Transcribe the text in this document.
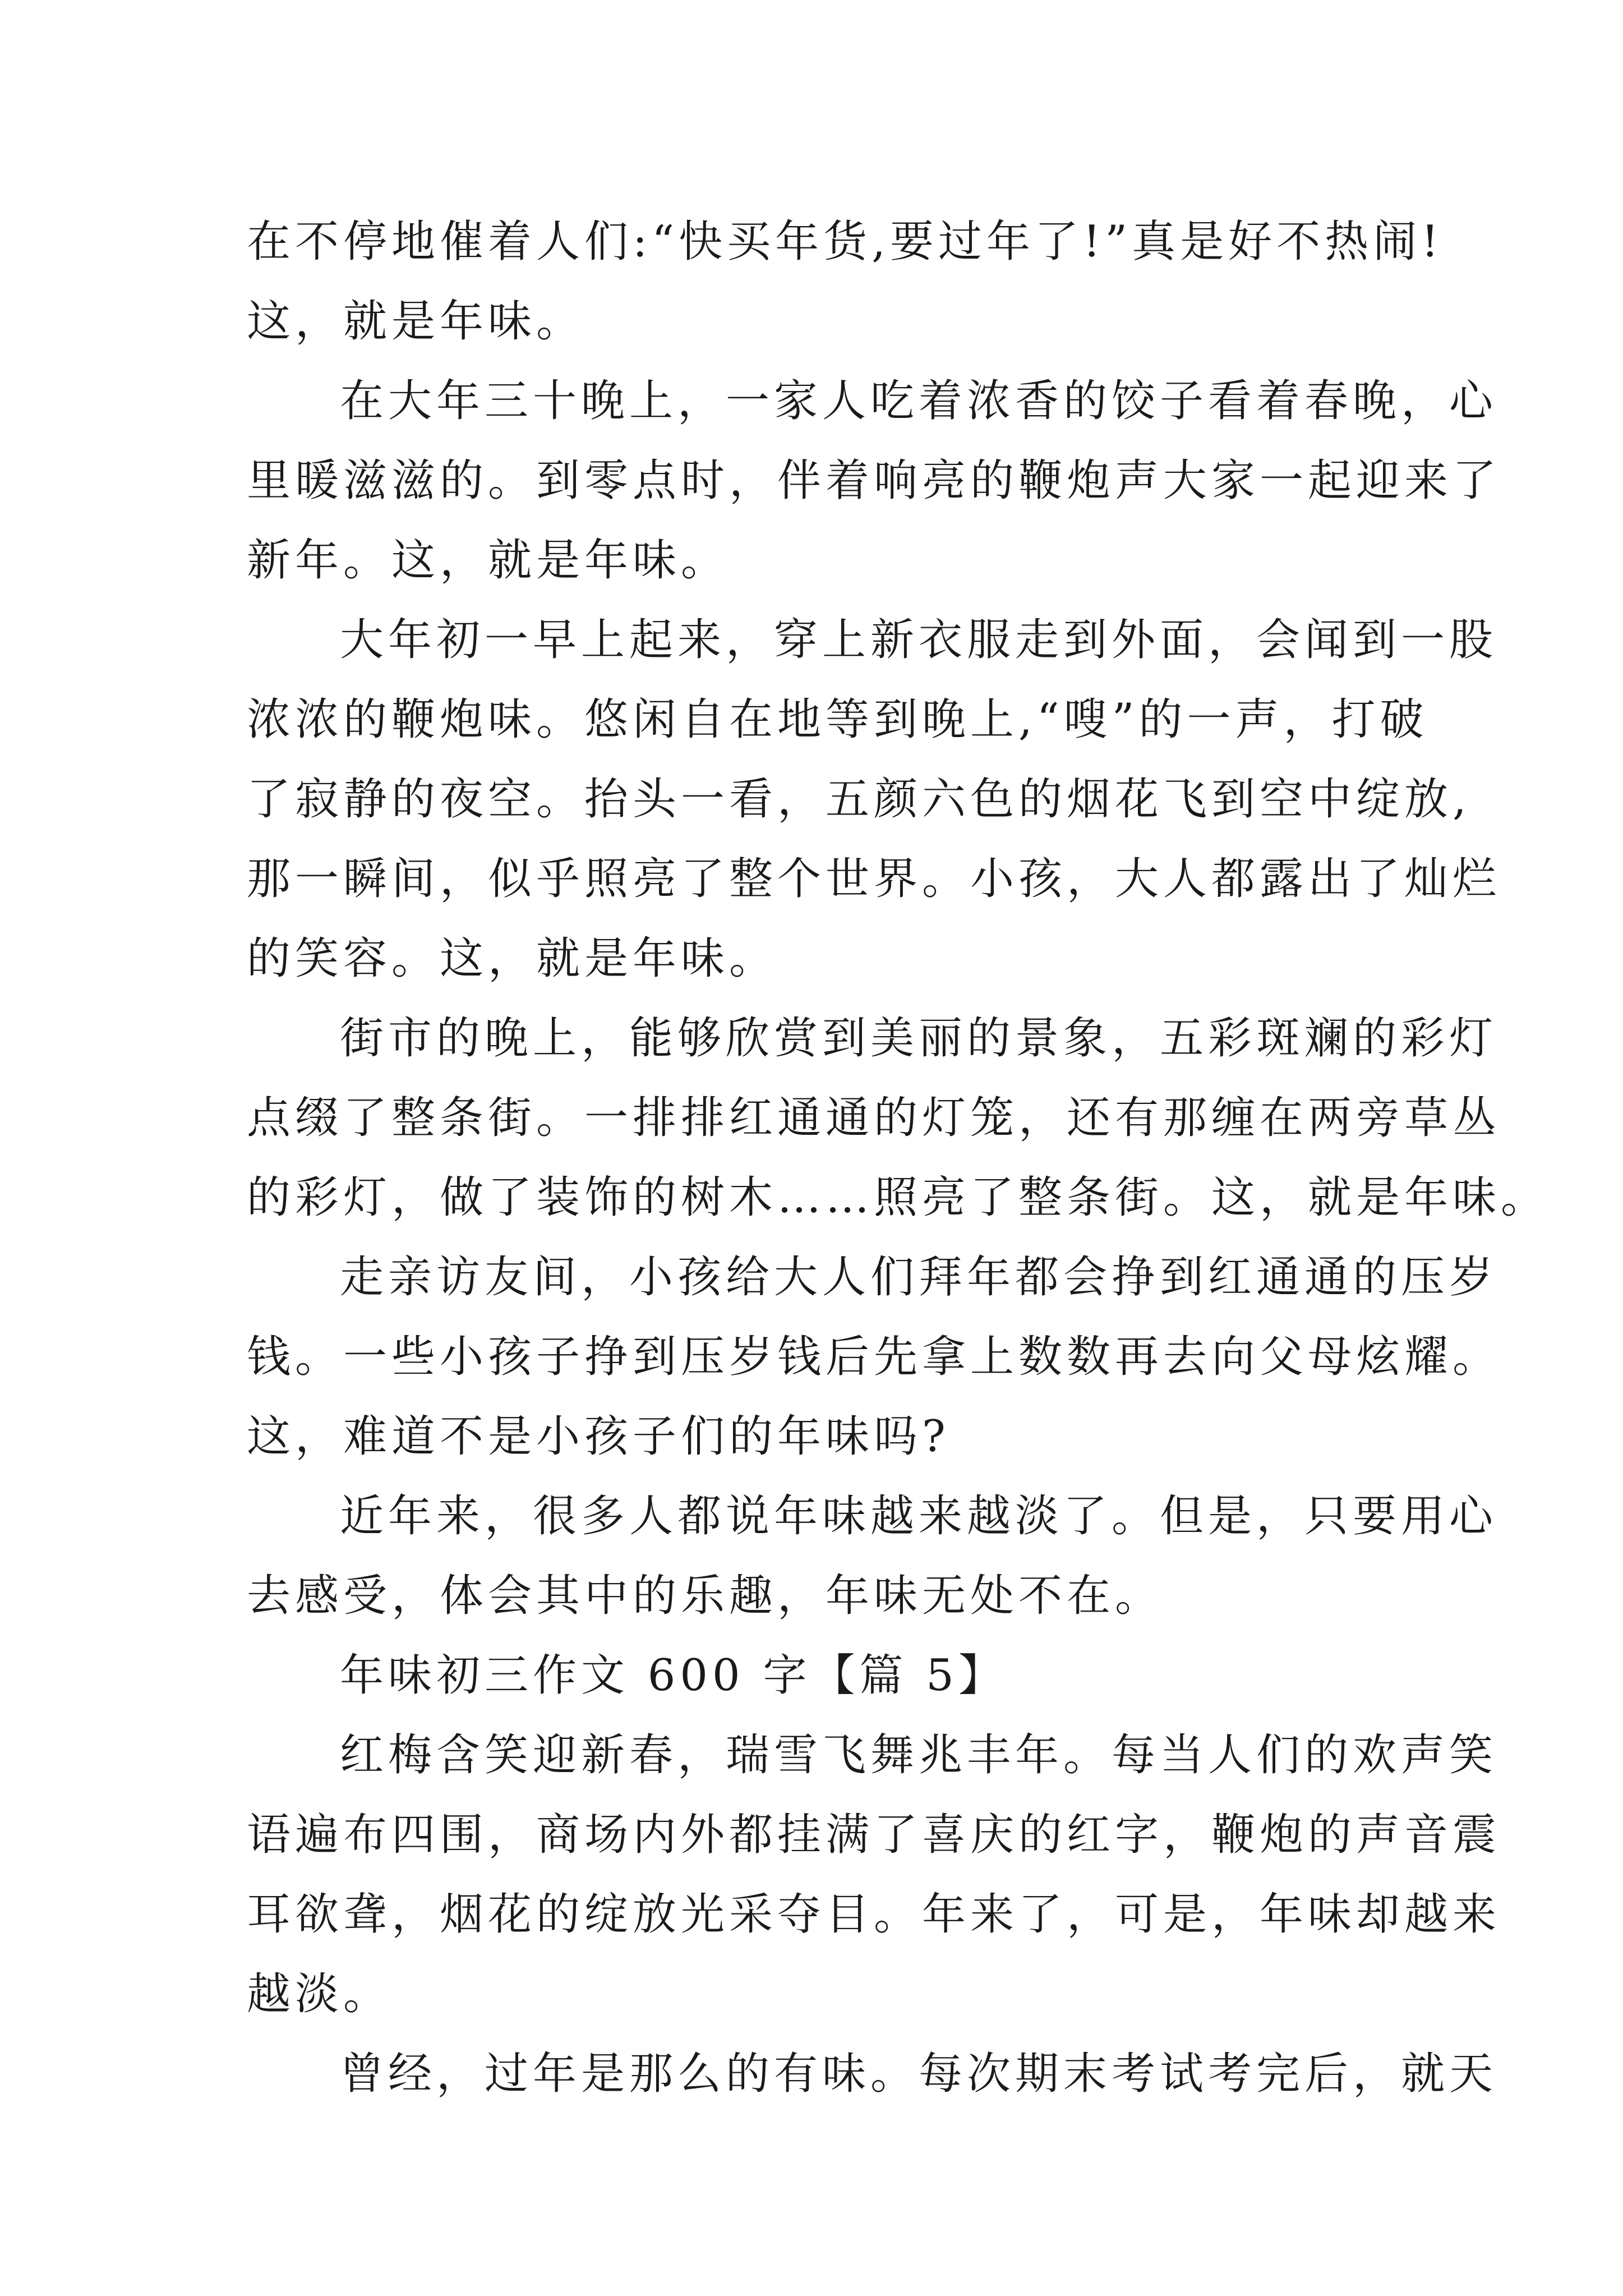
在不停地催着人们:“快买年货,要过年了!”真是好不热闹!
这，就是年味。
在大年三十晚上，一家人吃着浓香的饺子看着春晚，心
里暖滋滋的。到零点时，伴着响亮的鞭炮声大家一起迎来了
新年。这，就是年味。
大年初一早上起来，穿上新衣服走到外面，会闻到一股
浓浓的鞭炮味。悠闲自在地等到晚上,“嗖”的一声，打破
了寂静的夜空。抬头一看，五颜六色的烟花飞到空中绽放,
那一瞬间，似乎照亮了整个世界。小孩，大人都露出了灿烂
的笑容。这，就是年味。
街市的晚上，能够欣赏到美丽的景象，五彩斑斓的彩灯
点缀了整条街。一排排红通通的灯笼，还有那缠在两旁草丛
的彩灯，做了装饰的树木……照亮了整条街。这，就是年味。
走亲访友间，小孩给大人们拜年都会挣到红通通的压岁
钱。一些小孩子挣到压岁钱后先拿上数数再去向父母炫耀。
这，难道不是小孩子们的年味吗?
近年来，很多人都说年味越来越淡了。但是，只要用心
去感受，体会其中的乐趣，年味无处不在。
年味初三作文 600 字【篇 5】
红梅含笑迎新春，瑞雪飞舞兆丰年。每当人们的欢声笑
语遍布四围，商场内外都挂满了喜庆的红字，鞭炮的声音震
耳欲聋，烟花的绽放光采夺目。年来了，可是，年味却越来
越淡。
曾经，过年是那么的有味。每次期末考试考完后，就天
